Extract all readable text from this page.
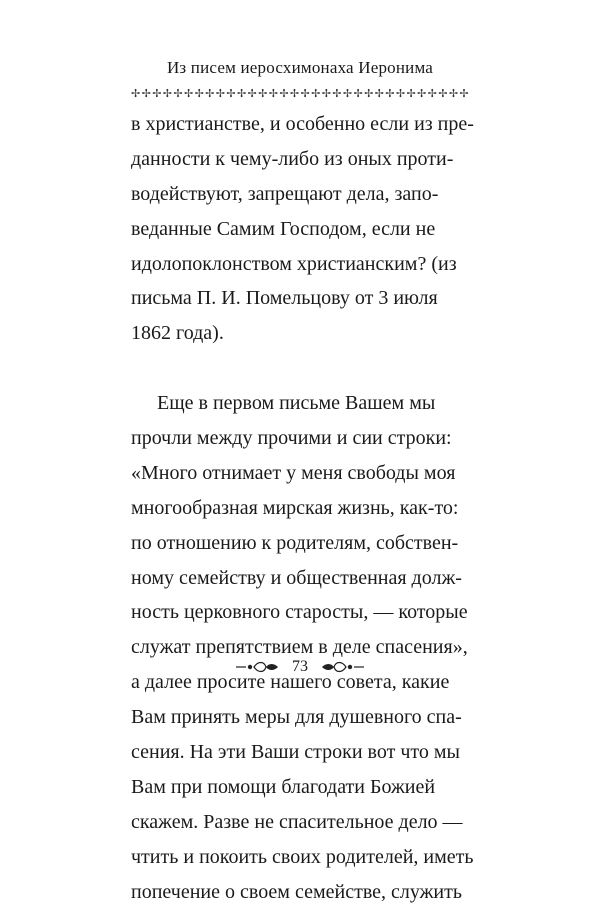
Из писем иеросхимонаха Иеронима
✢ ✢ ✢ ✢ ✢ ✢ ✢ ✢ ✢ ✢ ✢ ✢ ✢ ✢ ✢ ✢ ✢ ✢ ✢ ✢ ✢ ✢ ✢ ✢ ✢ ✢ ✢ ✢ ✢ ✢ ✢ ✢
в христианстве, и особенно если из пре-
данности к чему-либо из оных проти-
водействуют, запрещают дела, запо-
веданные Самим Господом, если не
идолопоклонством христианским? (из
письма П. И. Помельцову от 3 июля
1862 года).
Еще в первом письме Вашем мы
прочли между прочими и сии строки:
«Много отнимает у меня свободы моя
многообразная мирская жизнь, как-то:
по отношению к родителям, собствен-
ному семейству и общественная долж-
ность церковного старосты, — которые
служат препятствием в деле спасения»,
а далее просите нашего совета, какие
Вам принять меры для душевного спа-
сения. На эти Ваши строки вот что мы
Вам при помощи благодати Божией
скажем. Разве не спасительное дело —
чтить и покоить своих родителей, иметь
попечение о своем семействе, служить
73
